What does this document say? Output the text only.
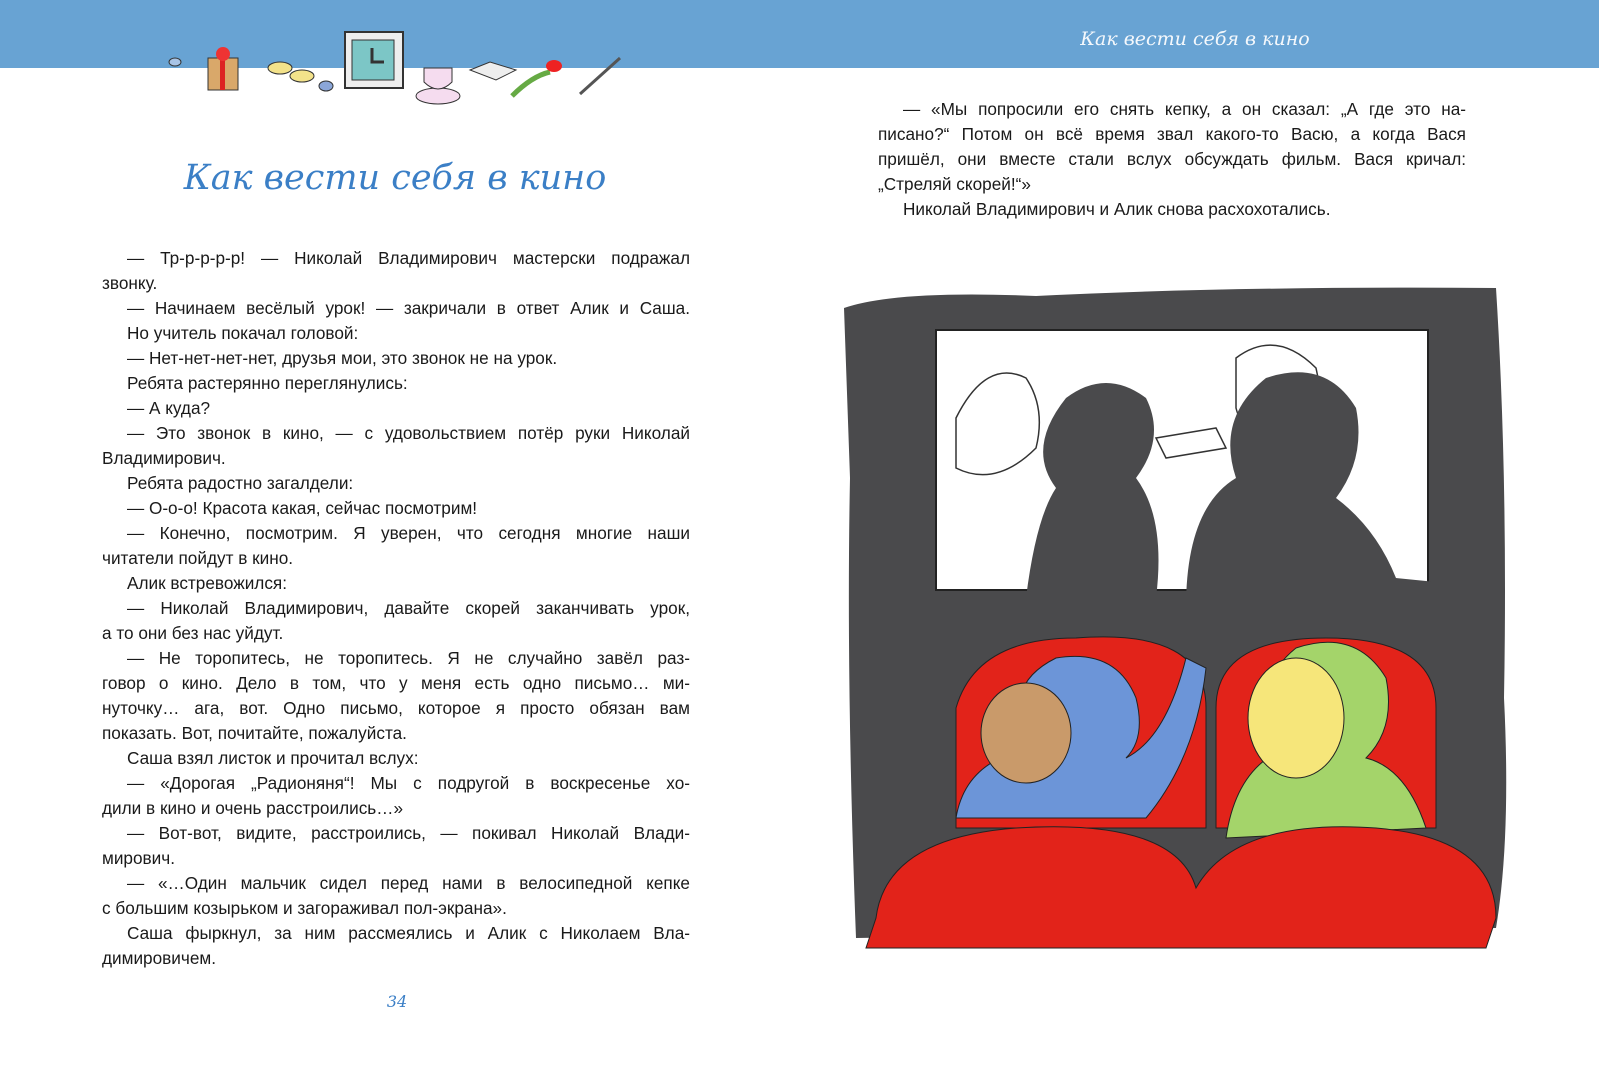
Как вести себя в кино
Как вести себя в кино
— Тр-р-р-р-р! — Николай Владимирович мастерски подражал
звонку.
— Начинаем весёлый урок! — закричали в ответ Алик и Саша.
Но учитель покачал головой:
— Нет-нет-нет-нет, друзья мои, это звонок не на урок.
Ребята растерянно переглянулись:
— А куда?
— Это звонок в кино, — с удовольствием потёр руки Николай
Владимирович.
Ребята радостно загалдели:
— О-о-о! Красота какая, сейчас посмотрим!
— Конечно, посмотрим. Я уверен, что сегодня многие наши
читатели пойдут в кино.
Алик встревожился:
— Николай Владимирович, давайте скорей заканчивать урок,
а то они без нас уйдут.
— Не торопитесь, не торопитесь. Я не случайно завёл раз-
говор о кино. Дело в том, что у меня есть одно письмо… ми-
нуточку… ага, вот. Одно письмо, которое я просто обязан вам
показать. Вот, почитайте, пожалуйста.
Саша взял листок и прочитал вслух:
— «Дорогая „Радионяня“! Мы с подругой в воскресенье хо-
дили в кино и очень расстроились…»
— Вот-вот, видите, расстроились, — покивал Николай Влади-
мирович.
— «…Один мальчик сидел перед нами в велосипедной кепке
с большим козырьком и загораживал пол-экрана».
Саша фыркнул, за ним рассмеялись и Алик с Николаем Вла-
димировичем.
— «Мы попросили его снять кепку, а он сказал: „А где это на-
писано?“ Потом он всё время звал какого-то Васю, а когда Вася
пришёл, они вместе стали вслух обсуждать фильм. Вася кричал:
„Стреляй скорей!“»
Николай Владимирович и Алик снова расхохотались.
34
